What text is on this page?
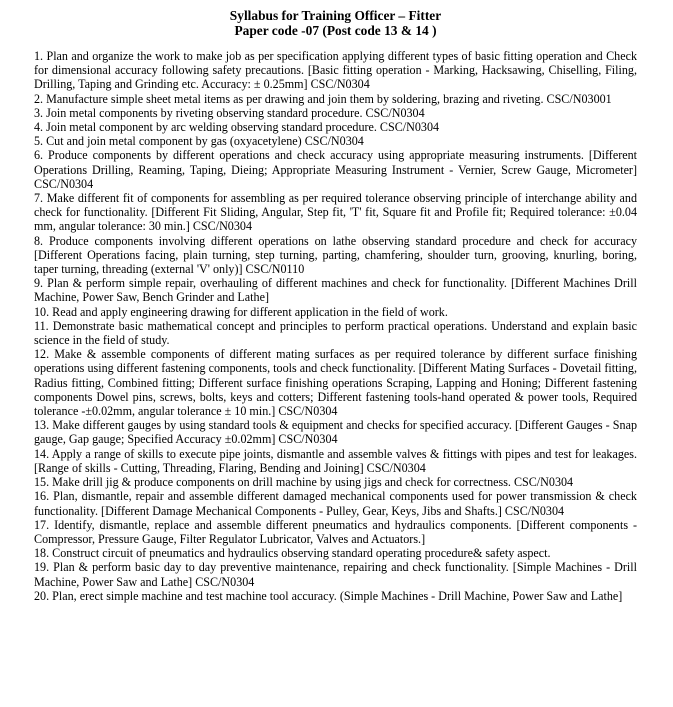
Syllabus for Training Officer – Fitter
Paper code -07 (Post code 13 & 14 )
1. Plan and organize the work to make job as per specification applying different types of basic fitting operation and Check for dimensional accuracy following safety precautions. [Basic fitting operation - Marking, Hacksawing, Chiselling, Filing, Drilling, Taping and Grinding etc. Accuracy: ± 0.25mm] CSC/N0304
2. Manufacture simple sheet metal items as per drawing and join them by soldering, brazing and riveting. CSC/N03001
3. Join metal components by riveting observing standard procedure. CSC/N0304
4. Join metal component by arc welding observing standard procedure. CSC/N0304
5. Cut and join metal component by gas (oxyacetylene) CSC/N0304
6. Produce components by different operations and check accuracy using appropriate measuring instruments. [Different Operations Drilling, Reaming, Taping, Dieing; Appropriate Measuring Instrument - Vernier, Screw Gauge, Micrometer] CSC/N0304
7. Make different fit of components for assembling as per required tolerance observing principle of interchange ability and check for functionality. [Different Fit Sliding, Angular, Step fit, 'T' fit, Square fit and Profile fit; Required tolerance: ±0.04 mm, angular tolerance: 30 min.] CSC/N0304
8. Produce components involving different operations on lathe observing standard procedure and check for accuracy [Different Operations facing, plain turning, step turning, parting, chamfering, shoulder turn, grooving, knurling, boring, taper turning, threading (external 'V' only)] CSC/N0110
9. Plan & perform simple repair, overhauling of different machines and check for functionality. [Different Machines Drill Machine, Power Saw, Bench Grinder and Lathe]
10. Read and apply engineering drawing for different application in the field of work.
11. Demonstrate basic mathematical concept and principles to perform practical operations. Understand and explain basic science in the field of study.
12. Make & assemble components of different mating surfaces as per required tolerance by different surface finishing operations using different fastening components, tools and check functionality. [Different Mating Surfaces - Dovetail fitting, Radius fitting, Combined fitting; Different surface finishing operations Scraping, Lapping and Honing; Different fastening components Dowel pins, screws, bolts, keys and cotters; Different fastening tools-hand operated & power tools, Required tolerance -±0.02mm, angular tolerance ± 10 min.] CSC/N0304
13. Make different gauges by using standard tools & equipment and checks for specified accuracy. [Different Gauges - Snap gauge, Gap gauge; Specified Accuracy ±0.02mm] CSC/N0304
14. Apply a range of skills to execute pipe joints, dismantle and assemble valves & fittings with pipes and test for leakages. [Range of skills - Cutting, Threading, Flaring, Bending and Joining] CSC/N0304
15. Make drill jig & produce components on drill machine by using jigs and check for correctness. CSC/N0304
16. Plan, dismantle, repair and assemble different damaged mechanical components used for power transmission & check functionality. [Different Damage Mechanical Components - Pulley, Gear, Keys, Jibs and Shafts.] CSC/N0304
17. Identify, dismantle, replace and assemble different pneumatics and hydraulics components. [Different components - Compressor, Pressure Gauge, Filter Regulator Lubricator, Valves and Actuators.]
18. Construct circuit of pneumatics and hydraulics observing standard operating procedure& safety aspect.
19. Plan & perform basic day to day preventive maintenance, repairing and check functionality. [Simple Machines - Drill Machine, Power Saw and Lathe] CSC/N0304
20. Plan, erect simple machine and test machine tool accuracy. (Simple Machines - Drill Machine, Power Saw and Lathe]
